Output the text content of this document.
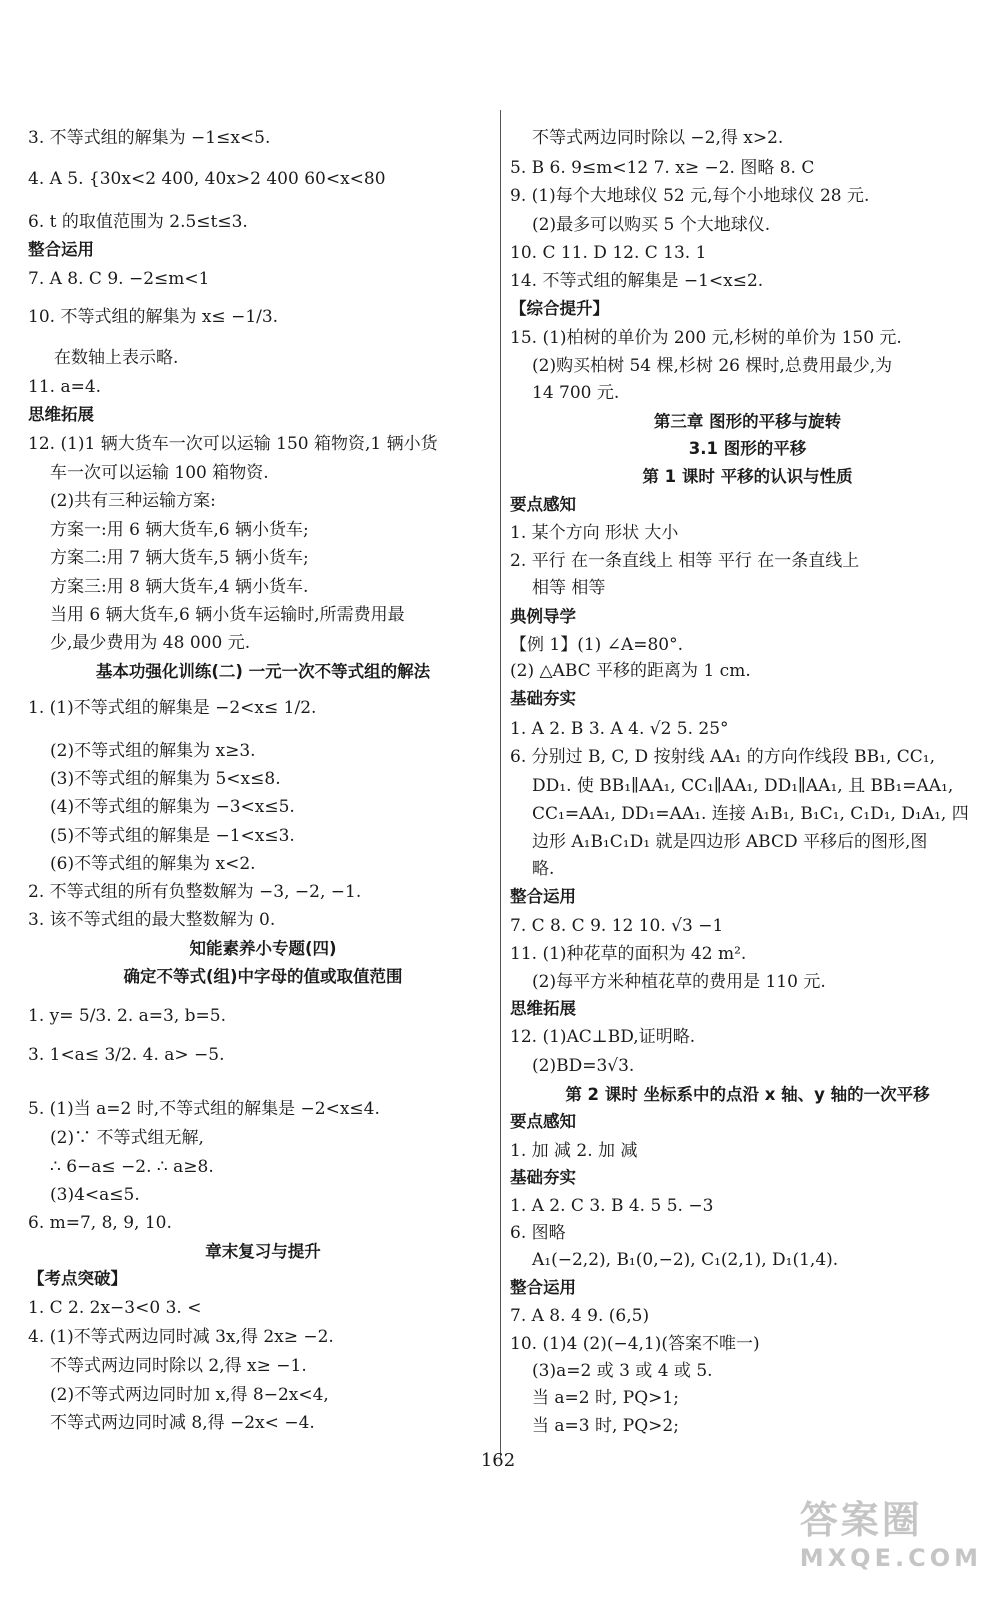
3. 不等式组的解集为 −1≤x<5.
4. A 5. {30x<2 400, 40x>2 400 60<x<80
6. t 的取值范围为 2.5≤t≤3.
整合运用
7. A 8. C 9. −2≤m<1
10. 不等式组的解集为 x≤ −1/3.
在数轴上表示略.
11. a=4.
思维拓展
12. (1)1 辆大货车一次可以运输 150 箱物资,1 辆小货
车一次可以运输 100 箱物资.
(2)共有三种运输方案:
方案一:用 6 辆大货车,6 辆小货车;
方案二:用 7 辆大货车,5 辆小货车;
方案三:用 8 辆大货车,4 辆小货车.
当用 6 辆大货车,6 辆小货车运输时,所需费用最
少,最少费用为 48 000 元.
基本功强化训练(二) 一元一次不等式组的解法
1. (1)不等式组的解集是 −2<x≤ 1/2.
(2)不等式组的解集为 x≥3.
(3)不等式组的解集为 5<x≤8.
(4)不等式组的解集为 −3<x≤5.
(5)不等式组的解集是 −1<x≤3.
(6)不等式组的解集为 x<2.
2. 不等式组的所有负整数解为 −3, −2, −1.
3. 该不等式组的最大整数解为 0.
知能素养小专题(四)
确定不等式(组)中字母的值或取值范围
1. y= 5/3. 2. a=3, b=5.
3. 1<a≤ 3/2. 4. a> −5.
5. (1)当 a=2 时,不等式组的解集是 −2<x≤4.
(2)∵ 不等式组无解,
∴ 6−a≤ −2. ∴ a≥8.
(3)4<a≤5.
6. m=7, 8, 9, 10.
章末复习与提升
【考点突破】
1. C 2. 2x−3<0 3. <
4. (1)不等式两边同时减 3x,得 2x≥ −2.
不等式两边同时除以 2,得 x≥ −1.
(2)不等式两边同时加 x,得 8−2x<4,
不等式两边同时减 8,得 −2x< −4.
不等式两边同时除以 −2,得 x>2.
5. B 6. 9≤m<12 7. x≥ −2. 图略 8. C
9. (1)每个大地球仪 52 元,每个小地球仪 28 元.
(2)最多可以购买 5 个大地球仪.
10. C 11. D 12. C 13. 1
14. 不等式组的解集是 −1<x≤2.
【综合提升】
15. (1)柏树的单价为 200 元,杉树的单价为 150 元.
(2)购买柏树 54 棵,杉树 26 棵时,总费用最少,为
14 700 元.
第三章 图形的平移与旋转
3.1 图形的平移
第 1 课时 平移的认识与性质
要点感知
1. 某个方向 形状 大小
2. 平行 在一条直线上 相等 平行 在一条直线上
相等 相等
典例导学
【例 1】(1) ∠A=80°.
(2) △ABC 平移的距离为 1 cm.
基础夯实
1. A 2. B 3. A 4. √2 5. 25°
6. 分别过 B, C, D 按射线 AA₁ 的方向作线段 BB₁, CC₁,
DD₁. 使 BB₁∥AA₁, CC₁∥AA₁, DD₁∥AA₁, 且 BB₁=AA₁,
CC₁=AA₁, DD₁=AA₁. 连接 A₁B₁, B₁C₁, C₁D₁, D₁A₁, 四
边形 A₁B₁C₁D₁ 就是四边形 ABCD 平移后的图形,图
略.
整合运用
7. C 8. C 9. 12 10. √3 −1
11. (1)种花草的面积为 42 m².
(2)每平方米种植花草的费用是 110 元.
思维拓展
12. (1)AC⊥BD,证明略.
(2)BD=3√3.
第 2 课时 坐标系中的点沿 x 轴、y 轴的一次平移
要点感知
1. 加 减 2. 加 减
基础夯实
1. A 2. C 3. B 4. 5 5. −3
6. 图略
A₁(−2,2), B₁(0,−2), C₁(2,1), D₁(1,4).
整合运用
7. A 8. 4 9. (6,5)
10. (1)4 (2)(−4,1)(答案不唯一)
(3)a=2 或 3 或 4 或 5.
当 a=2 时, PQ>1;
当 a=3 时, PQ>2;
162
答案圈
MXQE.COM
